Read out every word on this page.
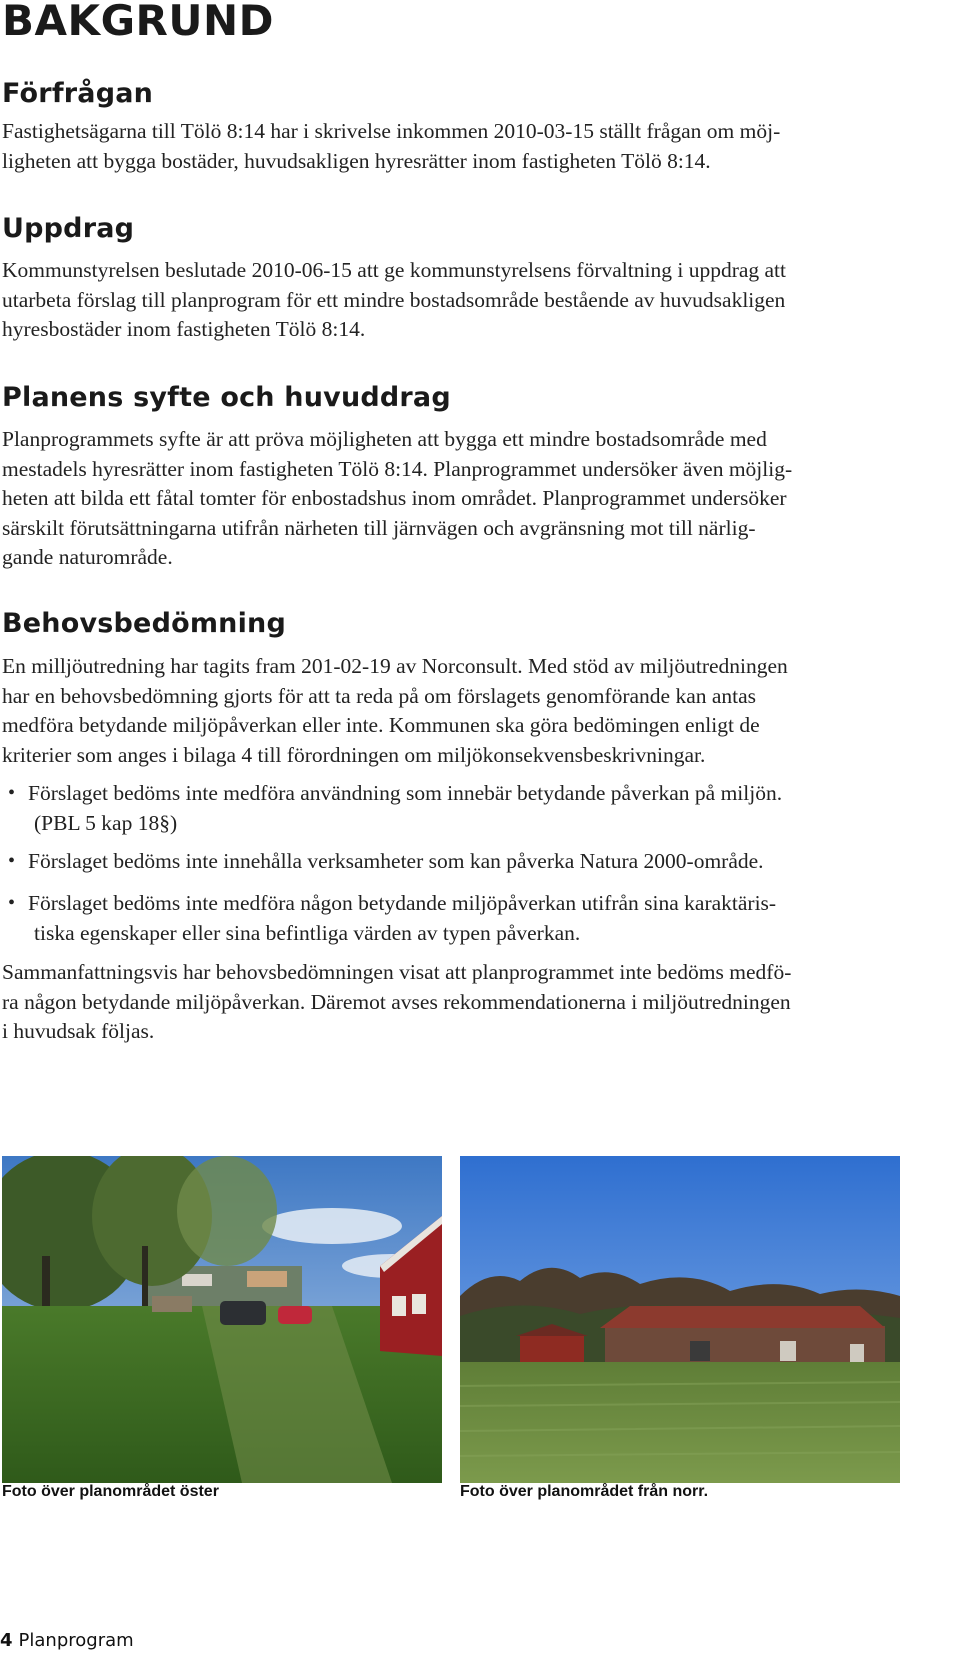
BAKGRUND
Förfrågan
Fastighetsägarna till Tölö 8:14 har i skrivelse inkommen 2010-03-15 ställt frågan om möj-
ligheten att bygga bostäder, huvudsakligen hyresrätter inom fastigheten Tölö 8:14.
Uppdrag
Kommunstyrelsen beslutade 2010-06-15 att ge kommunstyrelsens förvaltning i uppdrag att
utarbeta förslag till planprogram för ett mindre bostadsområde bestående av huvudsakligen
hyresbostäder inom fastigheten Tölö 8:14.
Planens syfte och huvuddrag
Planprogrammets syfte är att pröva möjligheten att bygga ett mindre bostadsområde med
mestadels hyresrätter inom fastigheten Tölö 8:14. Planprogrammet undersöker även möjlig-
heten att bilda ett fåtal tomter för enbostadshus inom området. Planprogrammet undersöker
särskilt förutsättningarna utifrån närheten till järnvägen och avgränsning mot till närlig-
gande naturområde.
Behovsbedömning
En milljöutredning har tagits fram 201-02-19 av Norconsult. Med stöd av miljöutredningen
har en behovsbedömning gjorts för att ta reda på om förslagets genomförande kan antas
medföra betydande miljöpåverkan eller inte. Kommunen ska göra bedömingen enligt de
kriterier som anges i bilaga 4 till förordningen om miljökonsekvensbeskrivningar.
• Förslaget bedöms inte medföra användning som innebär betydande påverkan på miljön.
(PBL 5 kap 18§)
• Förslaget bedöms inte innehålla verksamheter som kan påverka Natura 2000-område.
• Förslaget bedöms inte medföra någon betydande miljöpåverkan utifrån sina karaktäris-
tiska egenskaper eller sina befintliga värden av typen påverkan.
Sammanfattningsvis har behovsbedömningen visat att planprogrammet inte bedöms medfö-
ra någon betydande miljöpåverkan. Däremot avses rekommendationerna i miljöutredningen
i huvudsak följas.
Foto över planområdet öster	Foto över planområdet från norr.
4 Planprogram
